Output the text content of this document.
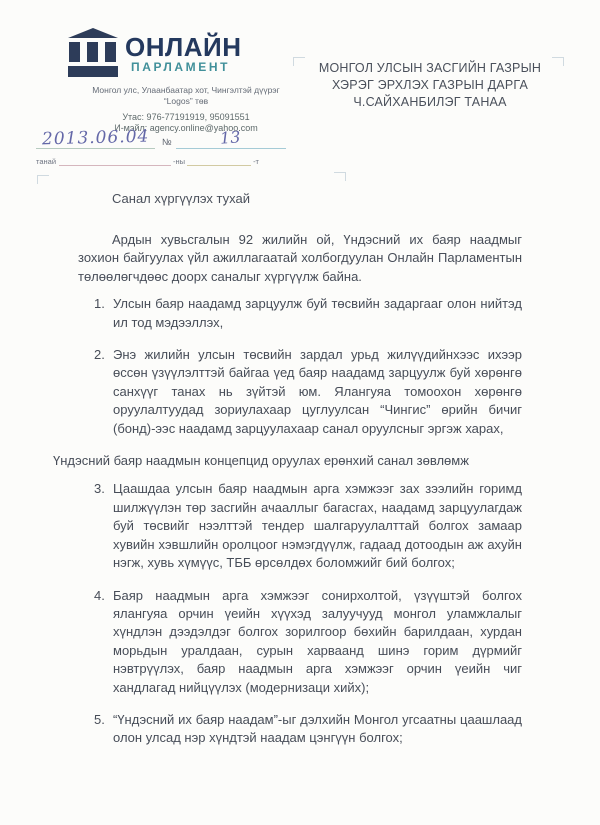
ОНЛАЙН
ПАРЛАМЕНТ
Монгол улс, Улаанбаатар хот, Чингэлтэй дүүрэг
“Logos” төв
Утас: 976-77191919, 95091551
И-мэйл: agency.online@yahoo.com
МОНГОЛ УЛСЫН ЗАСГИЙН ГАЗРЫН
ХЭРЭГ ЭРХЛЭХ ГАЗРЫН ДАРГА
Ч.САЙХАНБИЛЭГ ТАНАА
2013.06.04	№	13
танай	-ны	-т
Санал хүргүүлэх тухай

Ардын хувьсгалын 92 жилийн ой, Үндэсний их баяр наадмыг зохион байгуулах үйл ажиллагаатай холбогдуулан Онлайн Парламентын төлөөлөгчдөөс доорх саналыг хүргүүлж байна.

1. Улсын баяр наадамд зарцуулж буй төсвийн задаргааг олон нийтэд ил тод мэдээллэх,
2. Энэ жилийн улсын төсвийн зардал урьд жилүүдийнхээс ихээр өссөн үзүүлэлттэй байгаа үед баяр наадамд зарцуулж буй хөрөнгө санхүүг танах нь зүйтэй юм. Ялангуяа томоохон хөрөнгө оруулалтуудад зориулахаар цуглуулсан “Чингис” өрийн бичиг (бонд)-ээс наадамд зарцуулахаар санал оруулсныг эргэж харах,

Үндэсний баяр наадмын концепцид оруулах ерөнхий санал зөвлөмж

3. Цаашдаа улсын баяр наадмын арга хэмжээг зах зээлийн горимд шилжүүлэн төр засгийн ачааллыг багасгах, наадамд зарцуулагдаж буй төсвийг нээлттэй тендер шалгаруулалттай болгох замаар хувийн хэвшлийн оролцоог нэмэгдүүлж, гадаад дотоодын аж ахуйн нэгж, хувь хүмүүс, ТББ өрсөлдөх боломжийг бий болгох;
4. Баяр наадмын арга хэмжээг сонирхолтой, үзүүштэй болгох ялангуяа орчин үеийн хүүхэд залуучууд монгол уламжлалыг хүндлэн дээдэлдэг болгох зорилгоор бөхийн барилдаан, хурдан морьдын уралдаан, сурын харваанд шинэ горим дүрмийг нэвтрүүлэх, баяр наадмын арга хэмжээг орчин үеийн чиг хандлагад нийцүүлэх (модернизаци хийх);
5. “Үндэсний их баяр наадам”-ыг дэлхийн Монгол угсаатны цаашлаад олон улсад нэр хүндтэй наадам цэнгүүн болгох;
